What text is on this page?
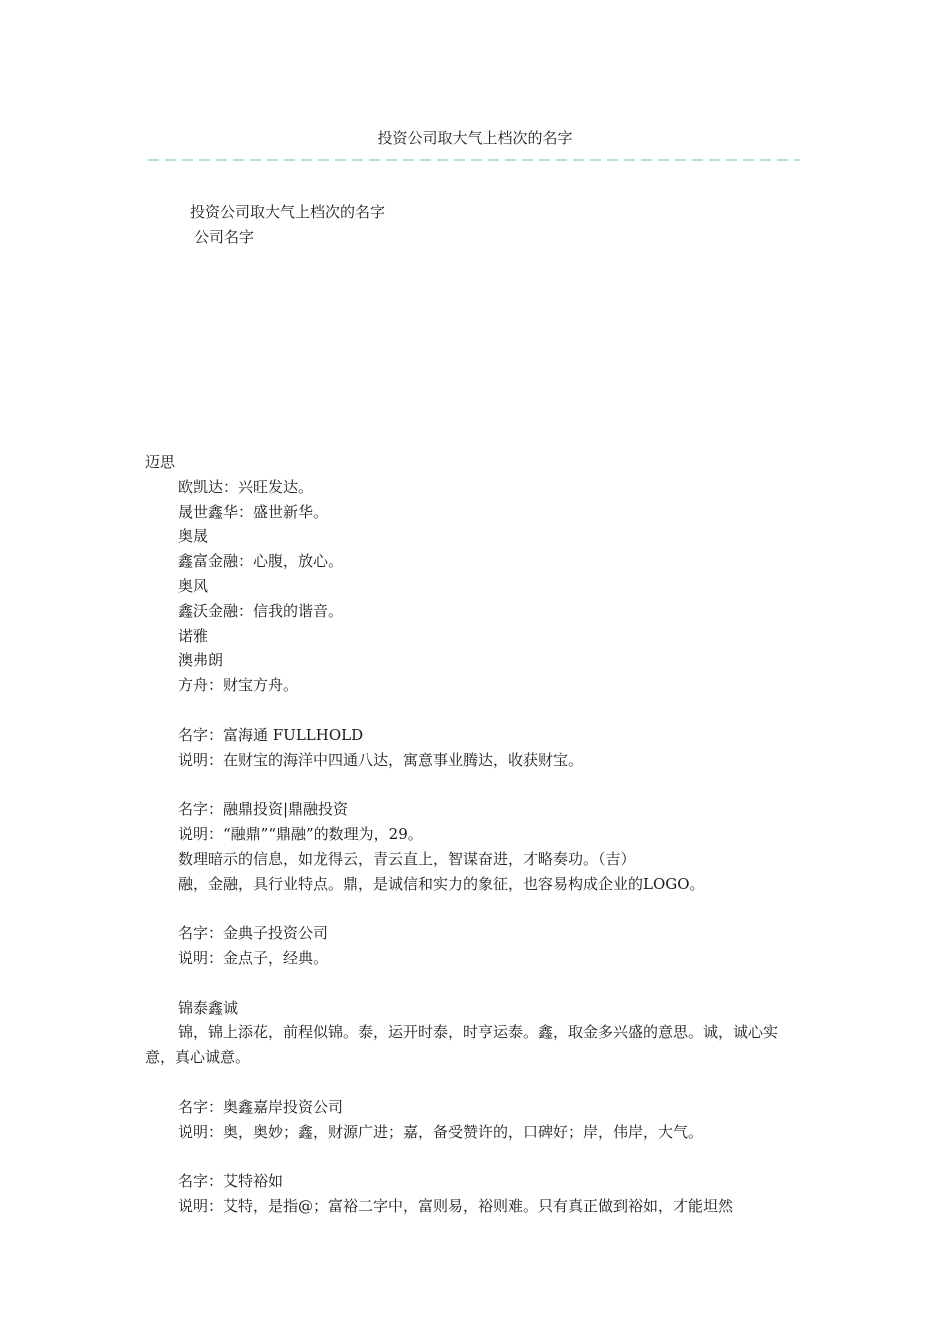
投资公司取大气上档次的名字
投资公司取大气上档次的名字
公司名字
迈思
欧凯达：兴旺发达。
晟世鑫华：盛世新华。
奥晟
鑫富金融：心腹，放心。
奥风
鑫沃金融：信我的谐音。
诺雅
澳弗朗
方舟：财宝方舟。
名字：富海通 FULLHOLD
说明：在财宝的海洋中四通八达，寓意事业腾达，收获财宝。
名字：融鼎投资|鼎融投资
说明：“融鼎”“鼎融”的数理为，29。
数理暗示的信息，如龙得云，青云直上，智谋奋进，才略奏功。（吉）
融，金融，具行业特点。鼎，是诚信和实力的象征，也容易构成企业的LOGO。
名字：金典子投资公司
说明：金点子，经典。
锦泰鑫诚
锦，锦上添花，前程似锦。泰，运开时泰，时亨运泰。鑫，取金多兴盛的意思。诚，诚心实意，真心诚意。
名字：奥鑫嘉岸投资公司
说明：奥，奥妙；鑫，财源广进；嘉，备受赞许的，口碑好；岸，伟岸，大气。
名字：艾特裕如
说明：艾特，是指@；富裕二字中，富则易，裕则难。只有真正做到裕如，才能坦然
